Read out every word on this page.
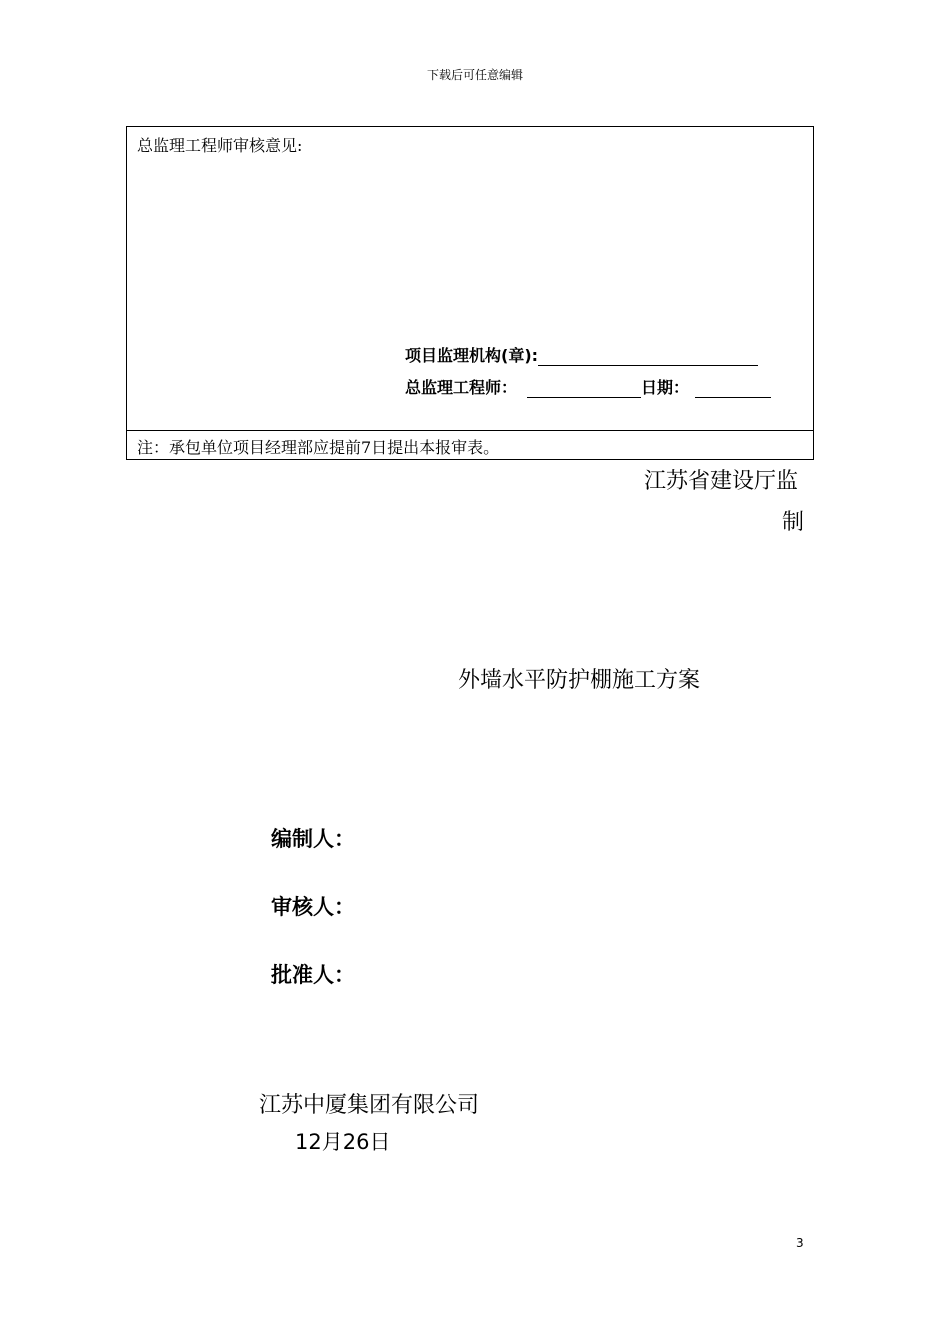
下载后可任意编辑
总监理工程师审核意见:
项目监理机构(章):
总监理工程师：	日期：
注：承包单位项目经理部应提前7日提出本报审表。
江苏省建设厅监
制
外墙水平防护棚施工方案
编制人：
审核人：
批准人：
江苏中厦集团有限公司
12月26日
3
